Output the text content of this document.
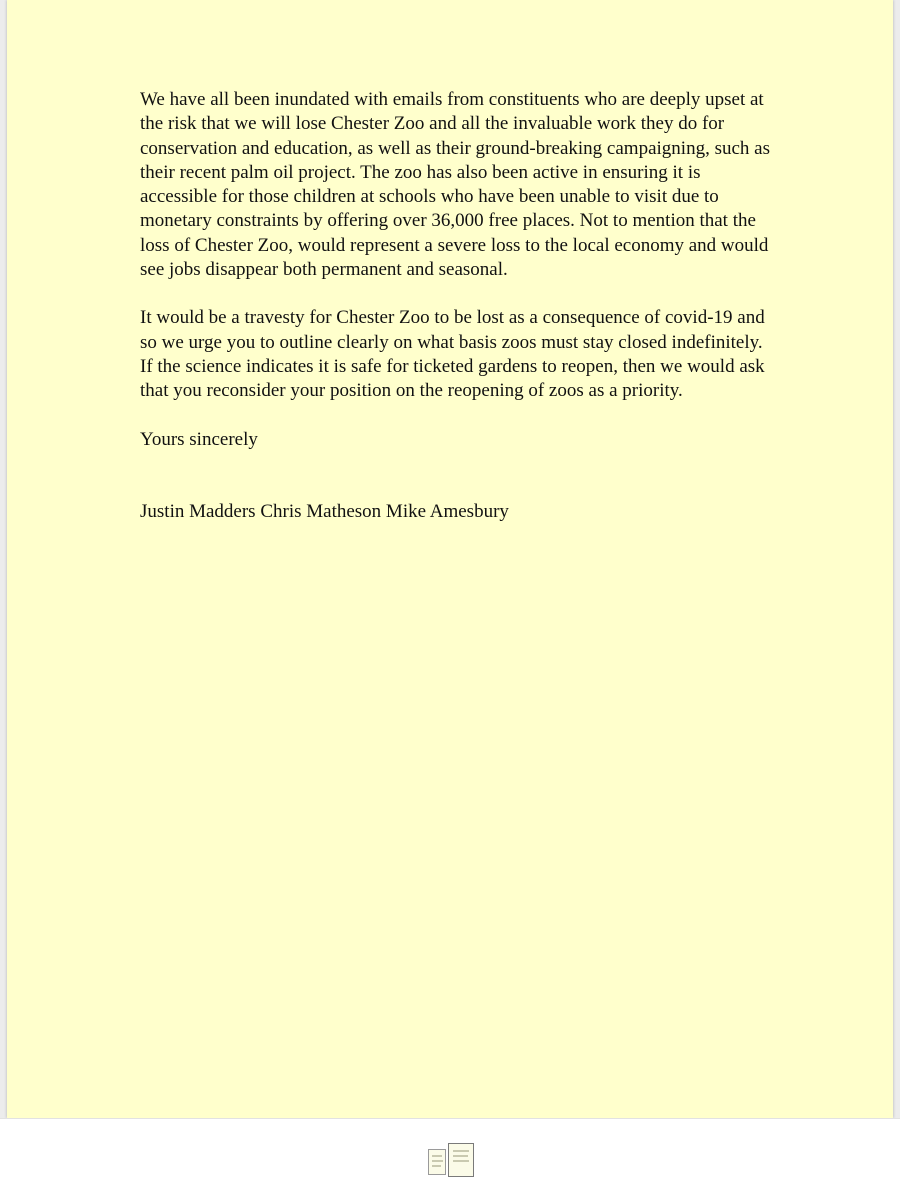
We have all been inundated with emails from constituents who are deeply upset at the risk that we will lose Chester Zoo and all the invaluable work they do for conservation and education, as well as their ground-breaking campaigning, such as their recent palm oil project. The zoo has also been active in ensuring it is accessible for those children at schools who have been unable to visit due to monetary constraints by offering over 36,000 free places. Not to mention that the loss of Chester Zoo, would represent a severe loss to the local economy and would see jobs disappear both permanent and seasonal.

It would be a travesty for Chester Zoo to be lost as a consequence of covid-19 and so we urge you to outline clearly on what basis zoos must stay closed indefinitely. If the science indicates it is safe for ticketed gardens to reopen, then we would ask that you reconsider your position on the reopening of zoos as a priority.

Yours sincerely

Justin Madders Chris Matheson Mike Amesbury
